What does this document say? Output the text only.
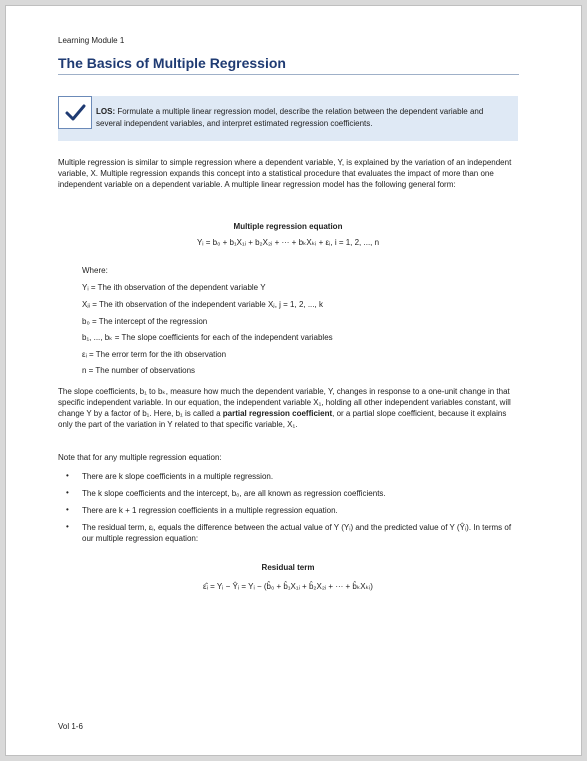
Learning Module 1
The Basics of Multiple Regression
LOS: Formulate a multiple linear regression model, describe the relation between the dependent variable and several independent variables, and interpret estimated regression coefficients.
Multiple regression is similar to simple regression where a dependent variable, Y, is explained by the variation of an independent variable, X. Multiple regression expands this concept into a statistical procedure that evaluates the impact of more than one independent variable on a dependent variable. A multiple linear regression model has the following general form:
Multiple regression equation
Yᵢ = b₀ + b₁X₁ᵢ + b₂X₂ᵢ + ··· + bₖXₖᵢ + εᵢ, i = 1, 2, ..., n
Where:
Yᵢ = The ith observation of the dependent variable Y
Xⱼᵢ = The ith observation of the independent variable Xⱼ, j = 1, 2, ..., k
b₀ = The intercept of the regression
b₁, ..., bₖ = The slope coefficients for each of the independent variables
εᵢ = The error term for the ith observation
n = The number of observations
The slope coefficients, b₁ to bₖ, measure how much the dependent variable, Y, changes in response to a one-unit change in that specific independent variable. In our equation, the independent variable X₁, holding all other independent variables constant, will change Y by a factor of b₁. Here, b₁ is called a partial regression coefficient, or a partial slope coefficient, because it explains only the part of the variation in Y related to that specific variable, X₁.
Note that for any multiple regression equation:
• There are k slope coefficients in a multiple regression.
• The k slope coefficients and the intercept, b₀, are all known as regression coefficients.
• There are k + 1 regression coefficients in a multiple regression equation.
• The residual term, εᵢ, equals the difference between the actual value of Y (Yᵢ) and the predicted value of Y (Ŷᵢ). In terms of our multiple regression equation:
Residual term
ε̂ᵢ = Yᵢ − Ŷᵢ = Yᵢ − (b̂₀ + b̂₁X₁ᵢ + b̂₂X₂ᵢ + ··· + b̂ₖXₖᵢ)
Vol 1-6
